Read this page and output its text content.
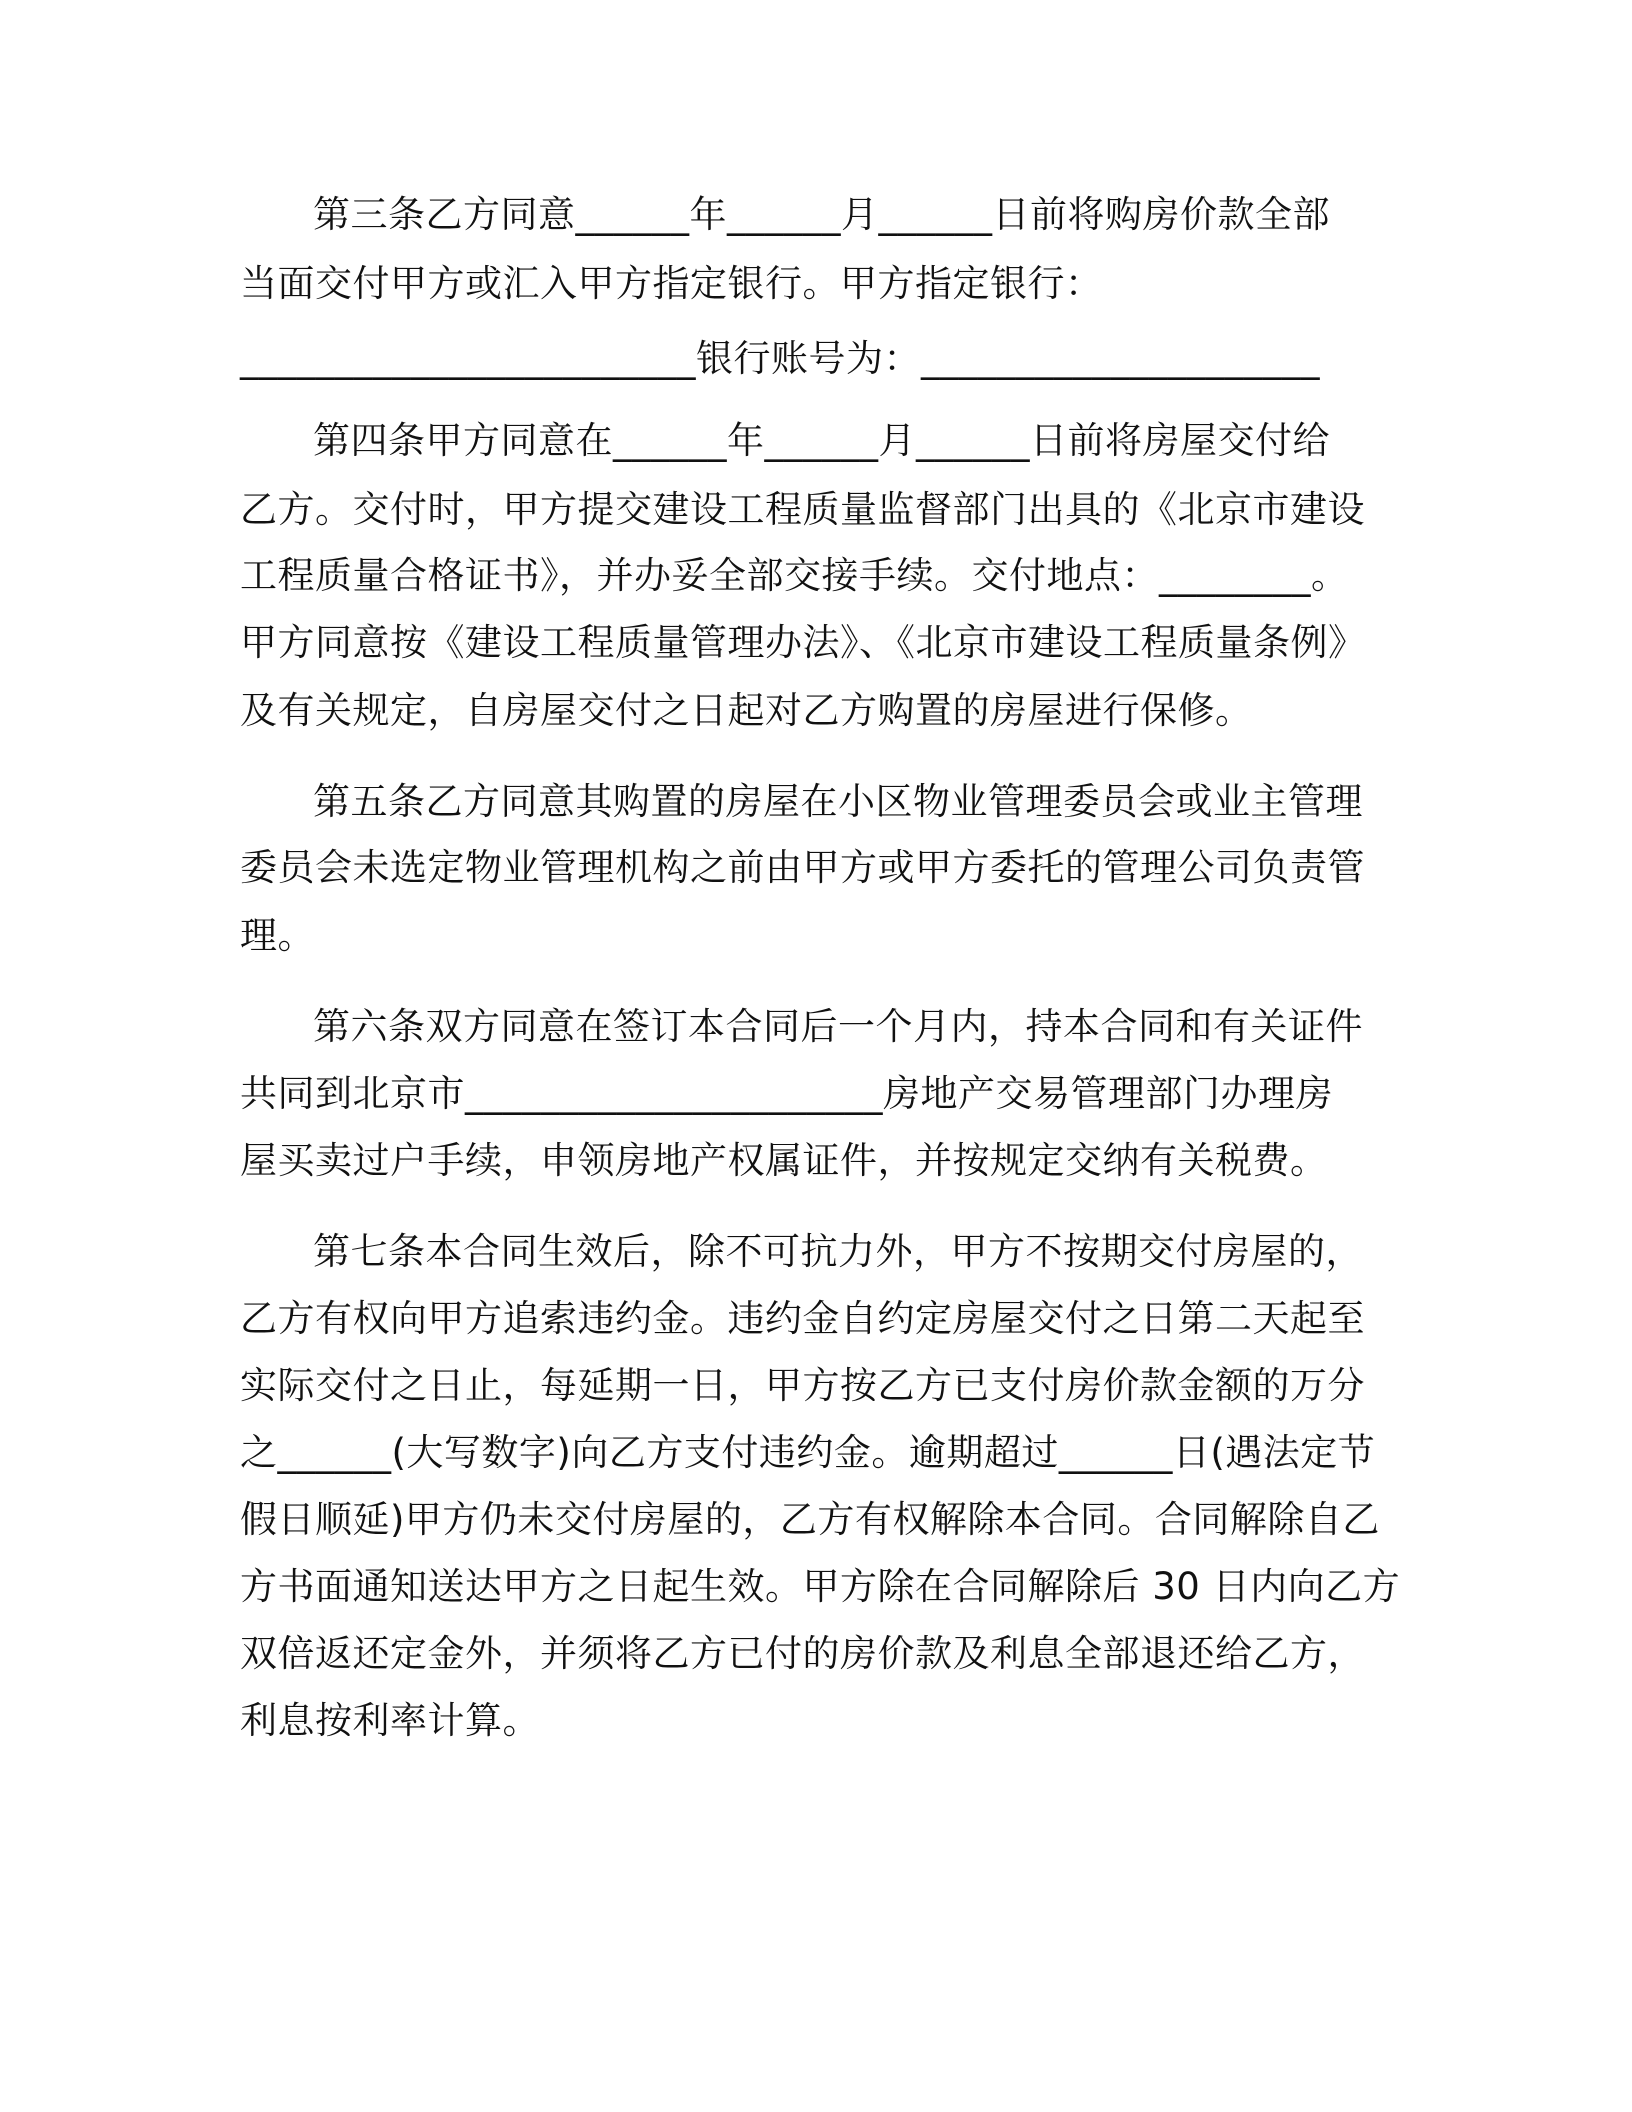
第三条乙方同意______年______月______日前将购房价款全部
当面交付甲方或汇入甲方指定银行。甲方指定银行：
________________________银行账号为：_____________________
第四条甲方同意在______年______月______日前将房屋交付给
乙方。交付时，甲方提交建设工程质量监督部门出具的《北京市建设
工程质量合格证书》，并办妥全部交接手续。交付地点：________。
甲方同意按《建设工程质量管理办法》、《北京市建设工程质量条例》
及有关规定，自房屋交付之日起对乙方购置的房屋进行保修。
第五条乙方同意其购置的房屋在小区物业管理委员会或业主管理
委员会未选定物业管理机构之前由甲方或甲方委托的管理公司负责管
理。
第六条双方同意在签订本合同后一个月内，持本合同和有关证件
共同到北京市______________________房地产交易管理部门办理房
屋买卖过户手续，申领房地产权属证件，并按规定交纳有关税费。
第七条本合同生效后，除不可抗力外，甲方不按期交付房屋的，
乙方有权向甲方追索违约金。违约金自约定房屋交付之日第二天起至
实际交付之日止，每延期一日，甲方按乙方已支付房价款金额的万分
之______(大写数字)向乙方支付违约金。逾期超过______日(遇法定节
假日顺延)甲方仍未交付房屋的，乙方有权解除本合同。合同解除自乙
方书面通知送达甲方之日起生效。甲方除在合同解除后 30 日内向乙方
双倍返还定金外，并须将乙方已付的房价款及利息全部退还给乙方，
利息按利率计算。
